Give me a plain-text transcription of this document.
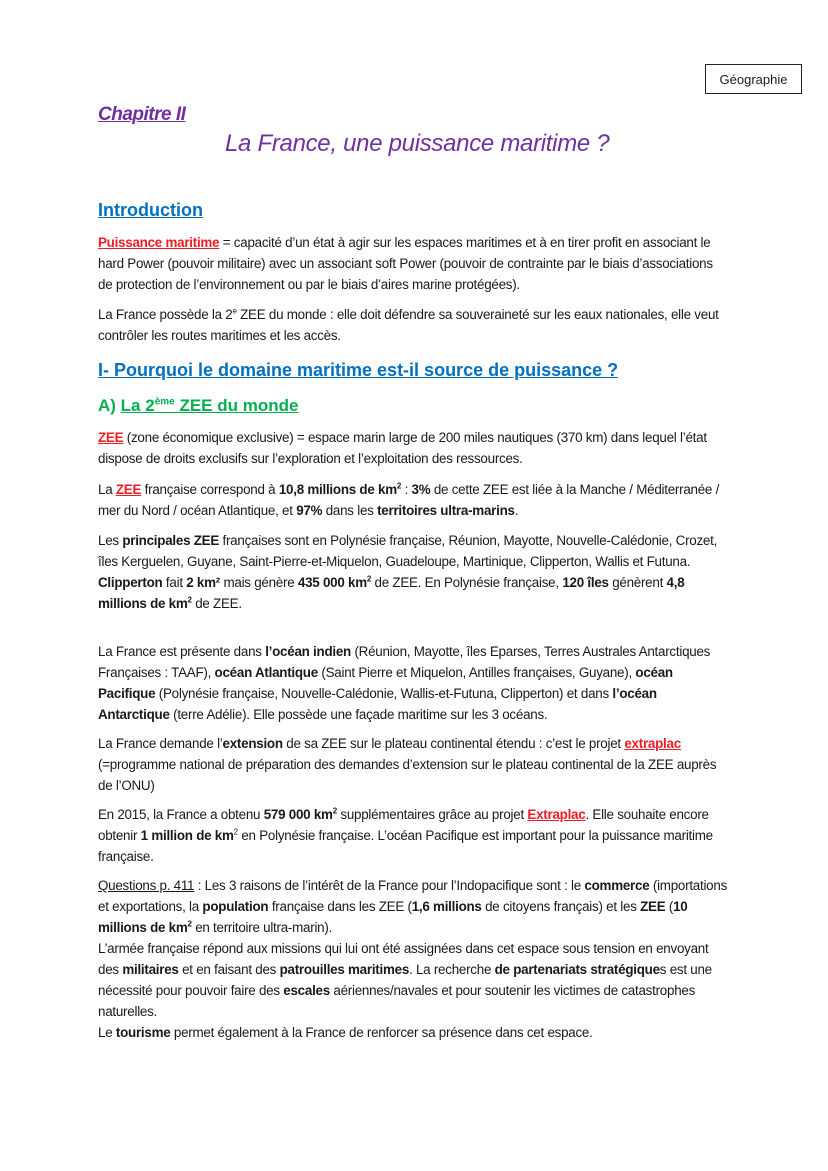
Géographie
Chapitre II
La France, une puissance maritime ?
Introduction

Puissance maritime = capacité d’un état à agir sur les espaces maritimes et à en tirer profit en associant le hard Power (pouvoir militaire) avec un associant soft Power (pouvoir de contrainte par le biais d’associations de protection de l’environnement ou par le biais d’aires marine protégées).

La France possède la 2e ZEE du monde : elle doit défendre sa souveraineté sur les eaux nationales, elle veut contrôler les routes maritimes et les accès.

I- Pourquoi le domaine maritime est-il source de puissance ?
A) La 2ème ZEE du monde

ZEE (zone économique exclusive) = espace marin large de 200 miles nautiques (370 km) dans lequel l’état dispose de droits exclusifs sur l’exploration et l’exploitation des ressources.

La ZEE française correspond à 10,8 millions de $km^2$ : 3% de cette ZEE est liée à la Manche / Méditerranée / mer du Nord / océan Atlantique, et 97% dans les territoires ultra-marins.

Les principales ZEE françaises sont en Polynésie française, Réunion, Mayotte, Nouvelle-Calédonie, Crozet, îles Kerguelen, Guyane, Saint-Pierre-et-Miquelon, Guadeloupe, Martinique, Clipperton, Wallis et Futuna.
Clipperton fait 2 km² mais génère 435 000 $km^2$ de ZEE. En Polynésie française, 120 îles génèrent 4,8 millions de $km^2$ de ZEE.

La France est présente dans l’océan indien (Réunion, Mayotte, îles Eparses, Terres Australes Antarctiques Françaises : TAAF), océan Atlantique (Saint Pierre et Miquelon, Antilles françaises, Guyane), océan Pacifique (Polynésie française, Nouvelle-Calédonie, Wallis-et-Futuna, Clipperton) et dans l’océan Antarctique (terre Adélie). Elle possède une façade maritime sur les 3 océans.

La France demande l’extension de sa ZEE sur le plateau continental étendu : c’est le projet extraplac (=programme national de préparation des demandes d’extension sur le plateau continental de la ZEE auprès de l’ONU)

En 2015, la France a obtenu 579 000 $km^2$ supplémentaires grâce au projet Extraplac. Elle souhaite encore obtenir 1 million de $km^2$ en Polynésie française. L’océan Pacifique est important pour la puissance maritime française.

Questions p. 411 : Les 3 raisons de l’intérêt de la France pour l’Indopacifique sont : le commerce (importations et exportations, la population française dans les ZEE (1,6 millions de citoyens français) et les ZEE (10 millions de $km^2$ en territoire ultra-marin).
L’armée française répond aux missions qui lui ont été assignées dans cet espace sous tension en envoyant des militaires et en faisant des patrouilles maritimes. La recherche de partenariats stratégiques est une nécessité pour pouvoir faire des escales aériennes/navales et pour soutenir les victimes de catastrophes naturelles.
Le tourisme permet également à la France de renforcer sa présence dans cet espace.
